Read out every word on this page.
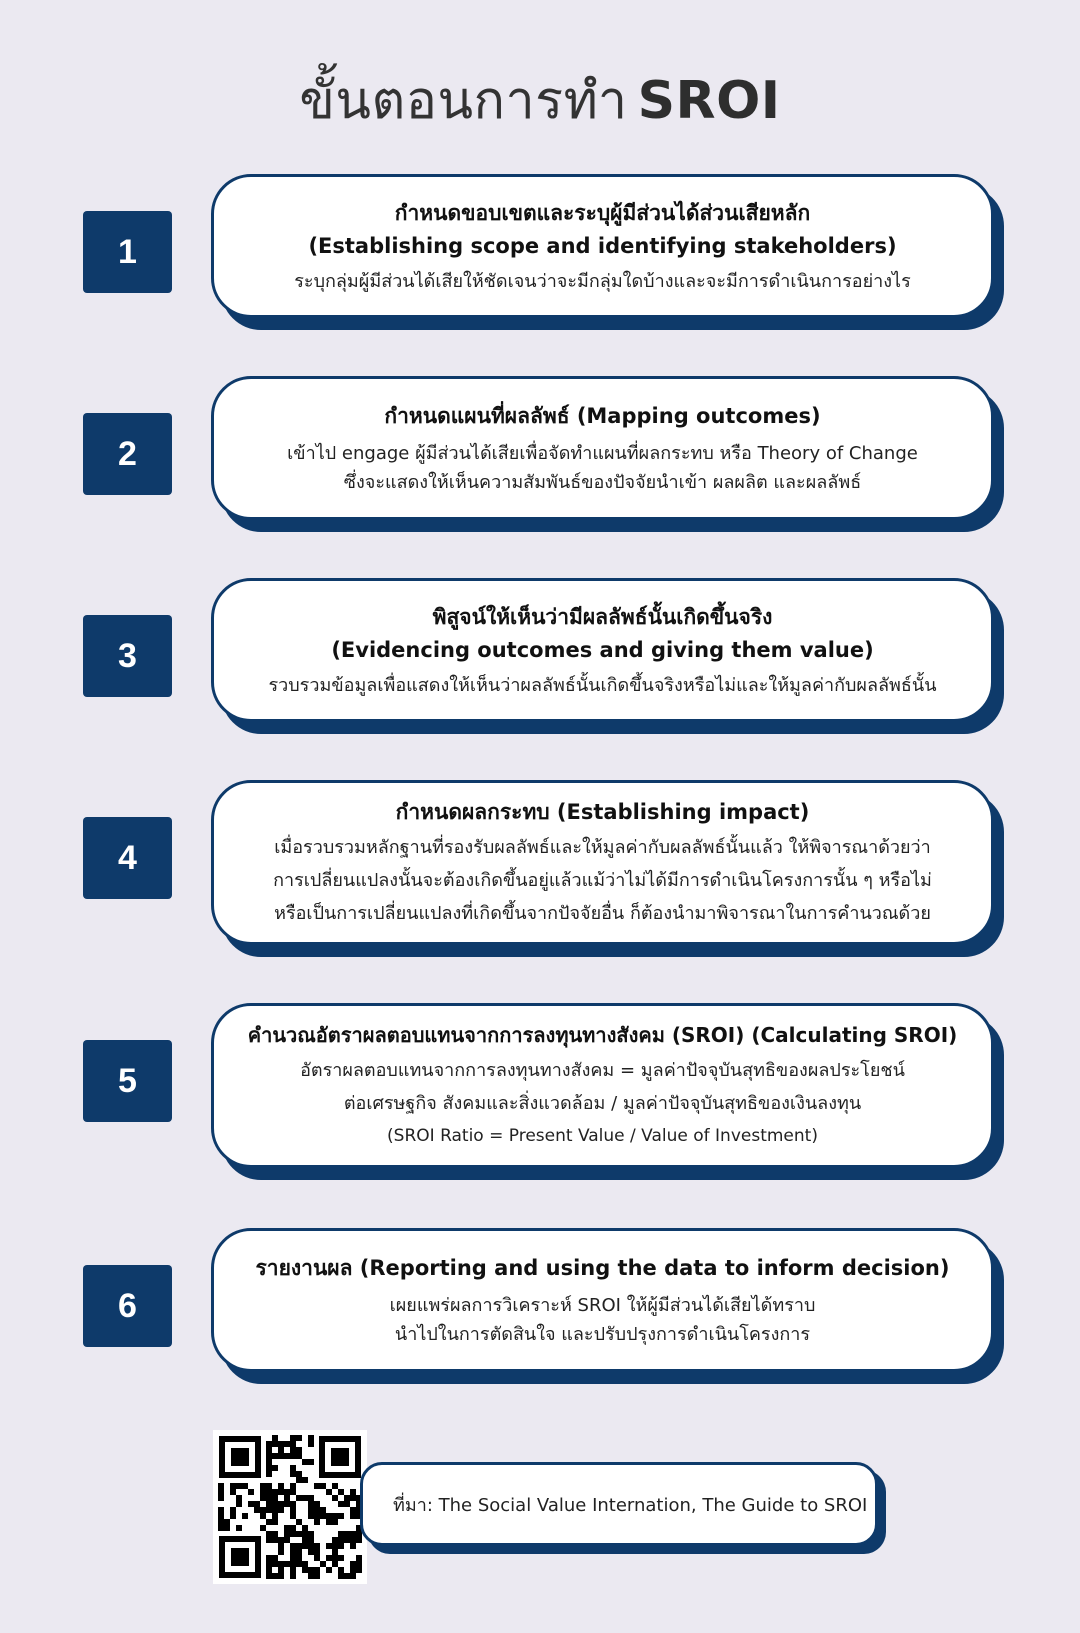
ขั้นตอนการทำ SROI
1
กำหนดขอบเขตและระบุผู้มีส่วนได้ส่วนเสียหลัก
(Establishing scope and identifying stakeholders)
ระบุกลุ่มผู้มีส่วนได้เสียให้ชัดเจนว่าจะมีกลุ่มใดบ้างและจะมีการดำเนินการอย่างไร
2
กำหนดแผนที่ผลลัพธ์ (Mapping outcomes)
เข้าไป engage ผู้มีส่วนได้เสียเพื่อจัดทำแผนที่ผลกระทบ หรือ Theory of Change
ซึ่งจะแสดงให้เห็นความสัมพันธ์ของปัจจัยนำเข้า ผลผลิต และผลลัพธ์
3
พิสูจน์ให้เห็นว่ามีผลลัพธ์นั้นเกิดขึ้นจริง
(Evidencing outcomes and giving them value)
รวบรวมข้อมูลเพื่อแสดงให้เห็นว่าผลลัพธ์นั้นเกิดขึ้นจริงหรือไม่และให้มูลค่ากับผลลัพธ์นั้น
4
กำหนดผลกระทบ (Establishing impact)
เมื่อรวบรวมหลักฐานที่รองรับผลลัพธ์และให้มูลค่ากับผลลัพธ์นั้นแล้ว ให้พิจารณาด้วยว่า
การเปลี่ยนแปลงนั้นจะต้องเกิดขึ้นอยู่แล้วแม้ว่าไม่ได้มีการดำเนินโครงการนั้น ๆ หรือไม่
หรือเป็นการเปลี่ยนแปลงที่เกิดขึ้นจากปัจจัยอื่น ก็ต้องนำมาพิจารณาในการคำนวณด้วย
5
คำนวณอัตราผลตอบแทนจากการลงทุนทางสังคม (SROI) (Calculating SROI)
อัตราผลตอบแทนจากการลงทุนทางสังคม = มูลค่าปัจจุบันสุทธิของผลประโยชน์
ต่อเศรษฐกิจ สังคมและสิ่งแวดล้อม / มูลค่าปัจจุบันสุทธิของเงินลงทุน
(SROI Ratio = Present Value / Value of Investment)
6
รายงานผล (Reporting and using the data to inform decision)
เผยแพร่ผลการวิเคราะห์ SROI ให้ผู้มีส่วนได้เสียได้ทราบ
นำไปในการตัดสินใจ และปรับปรุงการดำเนินโครงการ
ที่มา: The Social Value Internation, The Guide to SROI
